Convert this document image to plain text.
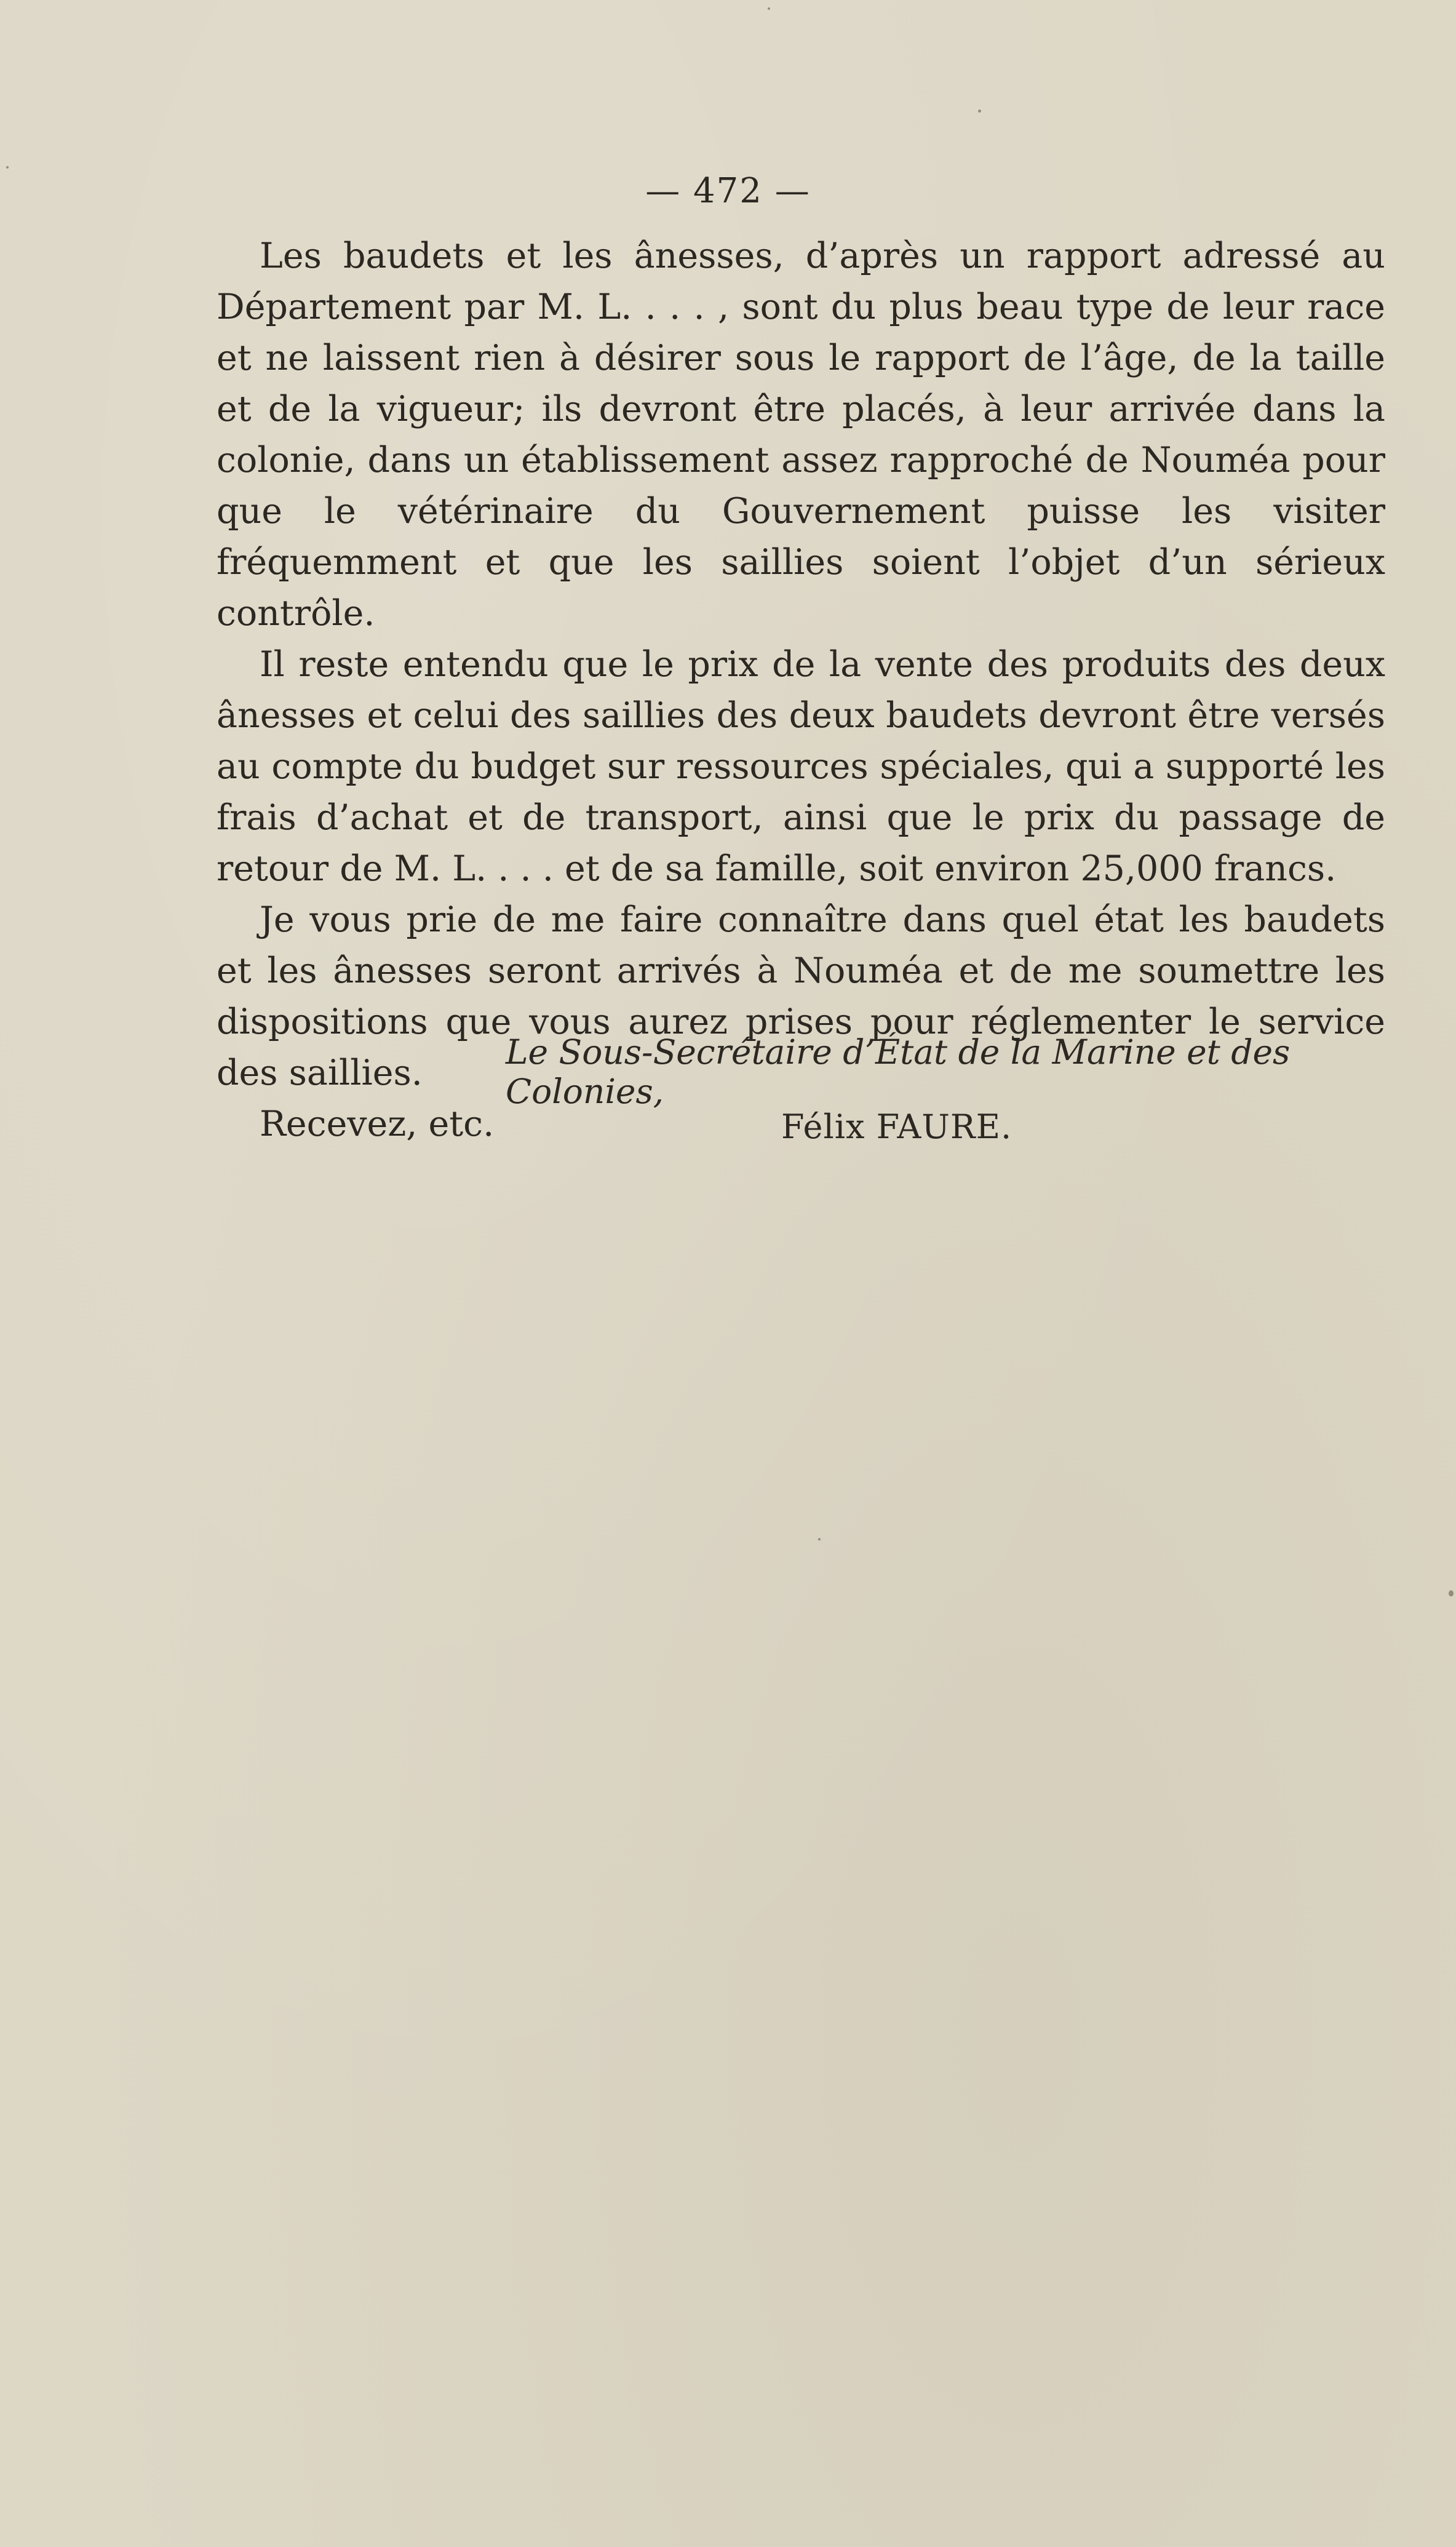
— 472 —

Les baudets et les ânesses, d’après un rapport adressé au Département par M. L. . . . , sont du plus beau type de leur race et ne laissent rien à désirer sous le rapport de l’âge, de la taille et de la vigueur; ils devront être placés, à leur arrivée dans la colonie, dans un établissement assez rapproché de Nouméa pour que le vétérinaire du Gouvernement puisse les visiter fréquemment et que les saillies soient l’objet d’un sérieux contrôle.

Il reste entendu que le prix de la vente des produits des deux ânesses et celui des saillies des deux baudets devront être versés au compte du budget sur ressources spéciales, qui a supporté les frais d’achat et de transport, ainsi que le prix du passage de retour de M. L. . . . et de sa famille, soit environ 25,000 francs.

Je vous prie de me faire connaître dans quel état les baudets et les ânesses seront arrivés à Nouméa et de me soumettre les dispositions que vous aurez prises pour réglementer le service des saillies.

Recevez, etc.

Le Sous-Secrétaire d’État de la Marine et des Colonies,
Félix FAURE.
